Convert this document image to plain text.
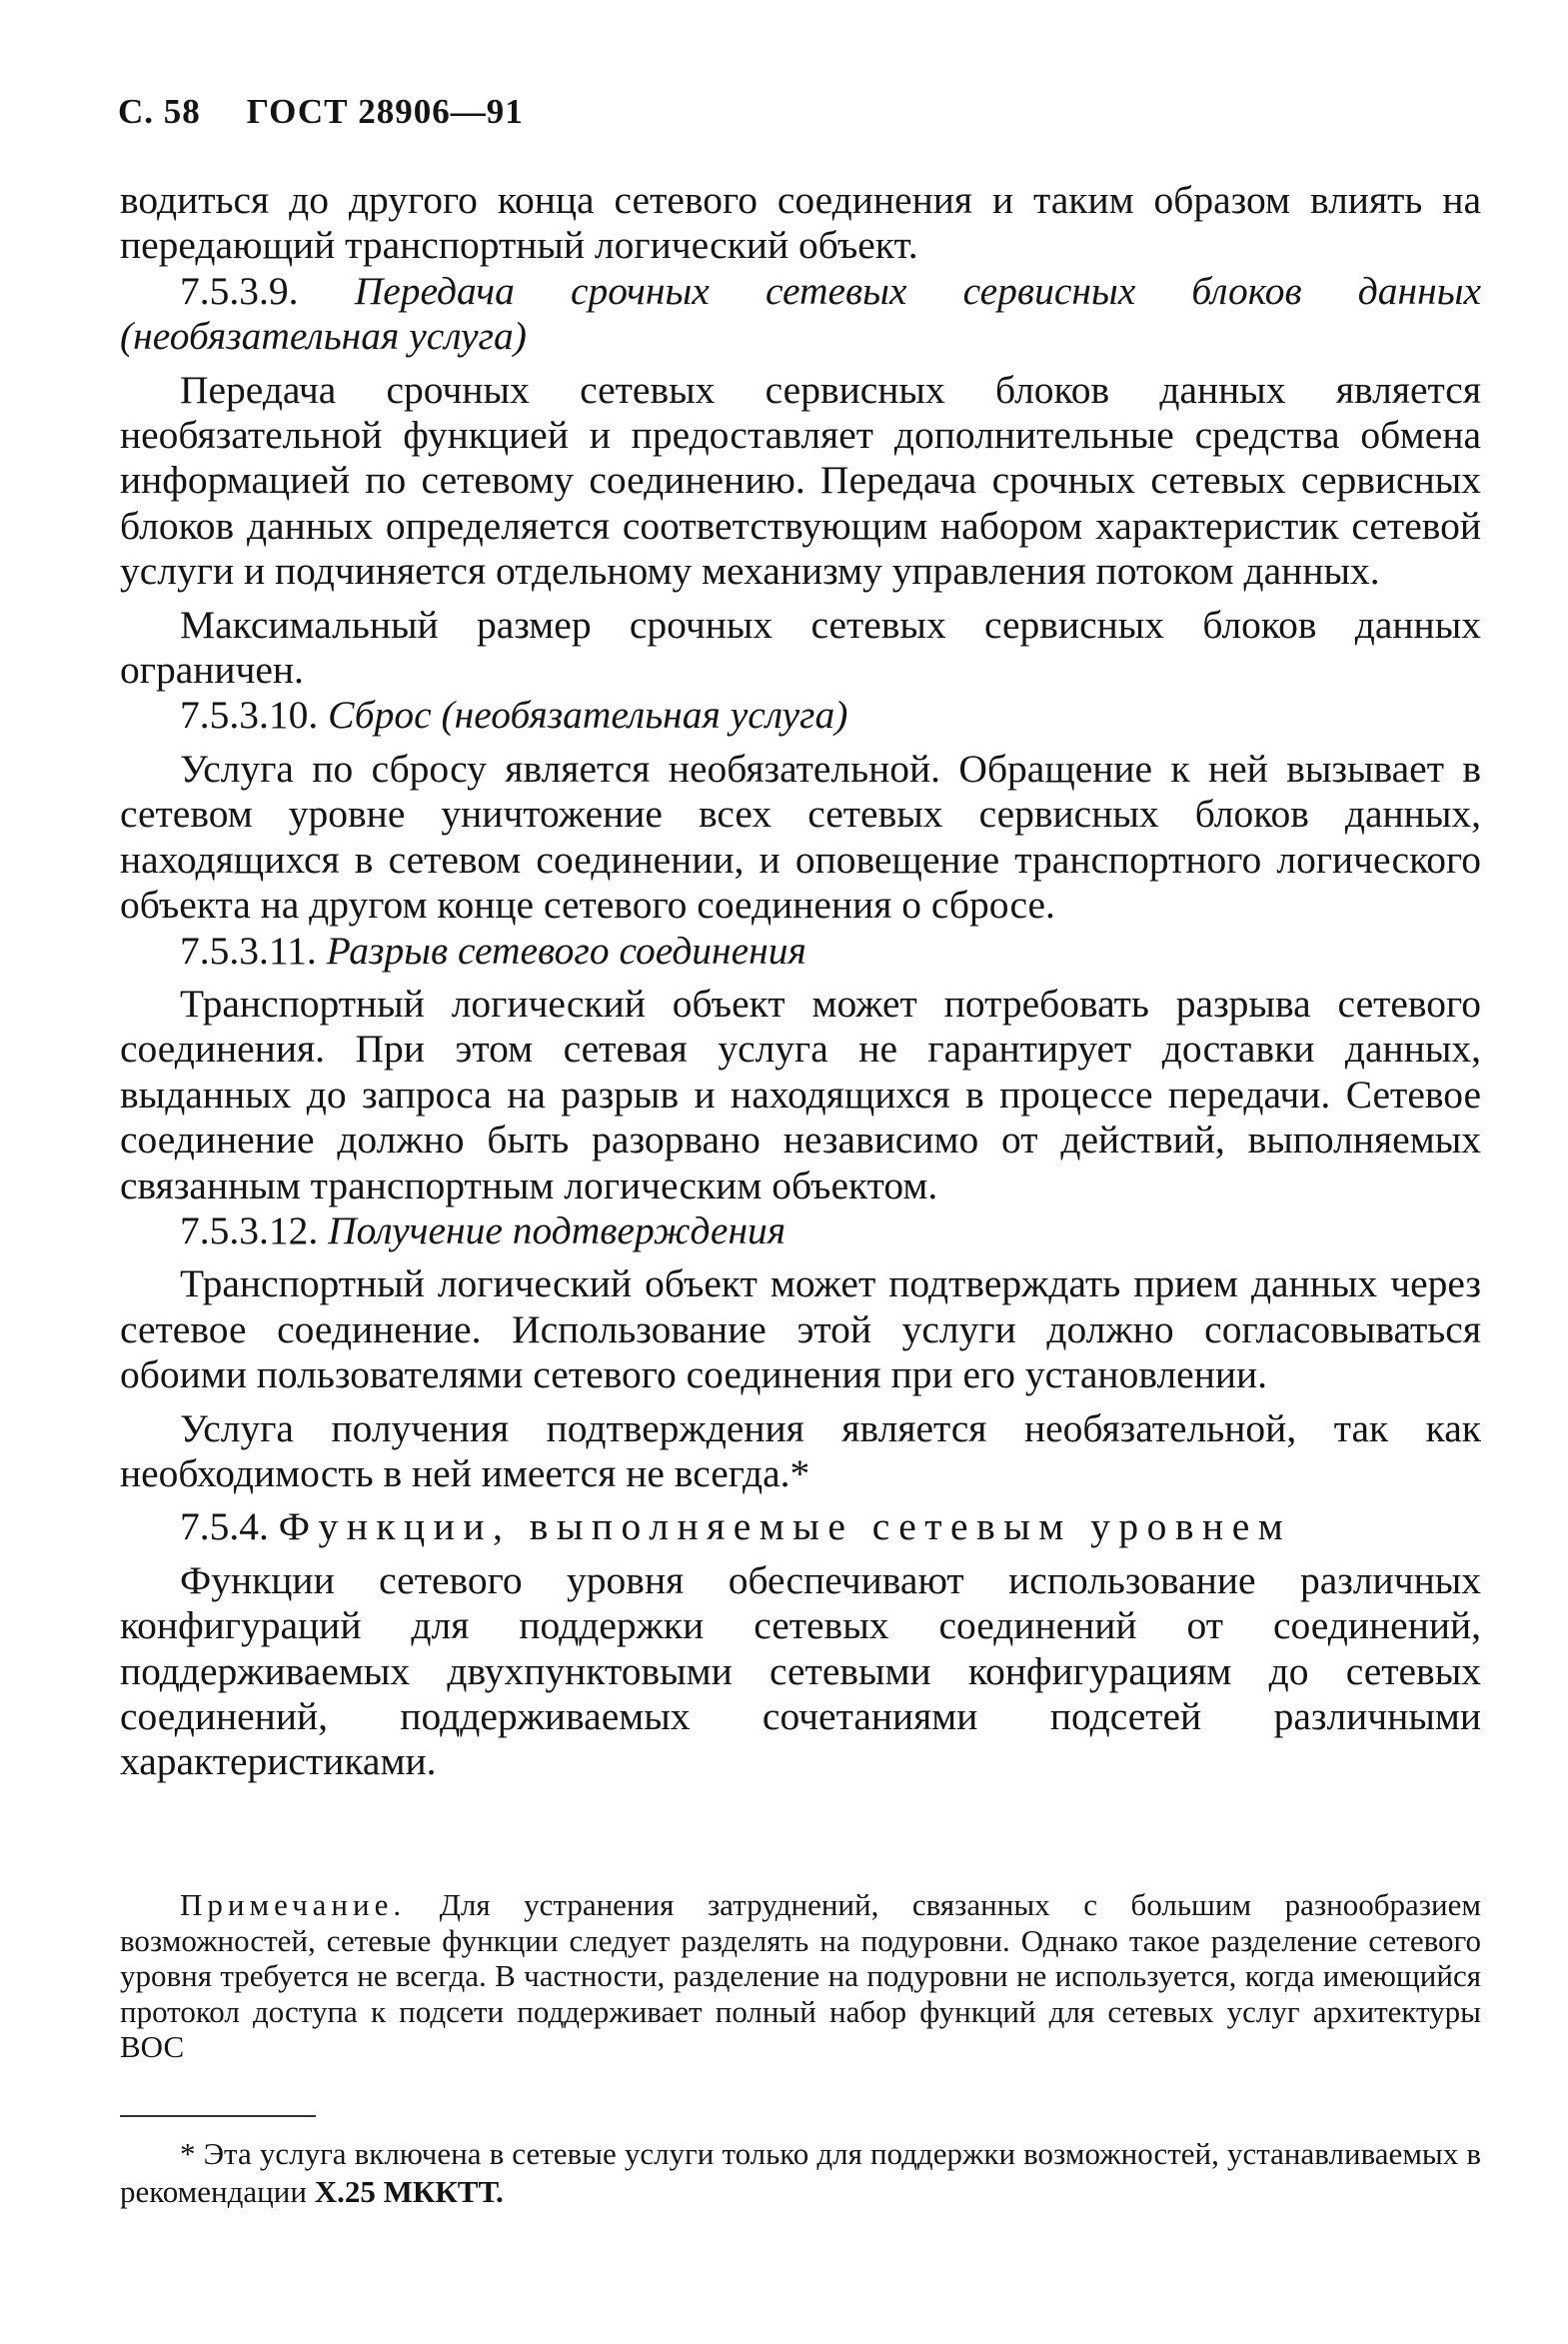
С. 58 ГОСТ 28906—91

водиться до другого конца сетевого соединения и таким образом влиять на передающий транспортный логический объект.

7.5.3.9. Передача срочных сетевых сервисных блоков данных (необязательная услуга)

Передача срочных сетевых сервисных блоков данных является необязательной функцией и предоставляет дополнительные средства обмена информацией по сетевому соединению. Передача срочных сетевых сервисных блоков данных определяется соответствующим набором характеристик сетевой услуги и подчиняется отдельному механизму управления потоком данных.

Максимальный размер срочных сетевых сервисных блоков данных ограничен.

7.5.3.10. Сброс (необязательная услуга)

Услуга по сбросу является необязательной. Обращение к ней вызывает в сетевом уровне уничтожение всех сетевых сервисных блоков данных, находящихся в сетевом соединении, и оповещение транспортного логического объекта на другом конце сетевого соединения о сбросе.

7.5.3.11. Разрыв сетевого соединения

Транспортный логический объект может потребовать разрыва сетевого соединения. При этом сетевая услуга не гарантирует доставки данных, выданных до запроса на разрыв и находящихся в процессе передачи. Сетевое соединение должно быть разорвано независимо от действий, выполняемых связанным транспортным логическим объектом.

7.5.3.12. Получение подтверждения

Транспортный логический объект может подтверждать прием данных через сетевое соединение. Использование этой услуги должно согласовываться обоими пользователями сетевого соединения при его установлении.

Услуга получения подтверждения является необязательной, так как необходимость в ней имеется не всегда.*

7.5.4. Функции, выполняемые сетевым уровнем

Функции сетевого уровня обеспечивают использование различных конфигураций для поддержки сетевых соединений от соединений, поддерживаемых двухпунктовыми сетевыми конфигурациям до сетевых соединений, поддерживаемых сочетаниями подсетей различными характеристиками.

Примечание. Для устранения затруднений, связанных с большим разнообразием возможностей, сетевые функции следует разделять на подуровни. Однако такое разделение сетевого уровня требуется не всегда. В частности, разделение на подуровни не используется, когда имеющийся протокол доступа к подсети поддерживает полный набор функций для сетевых услуг архитектуры ВОС

* Эта услуга включена в сетевые услуги только для поддержки возможностей, устанавливаемых в рекомендации Х.25 МККТТ.
